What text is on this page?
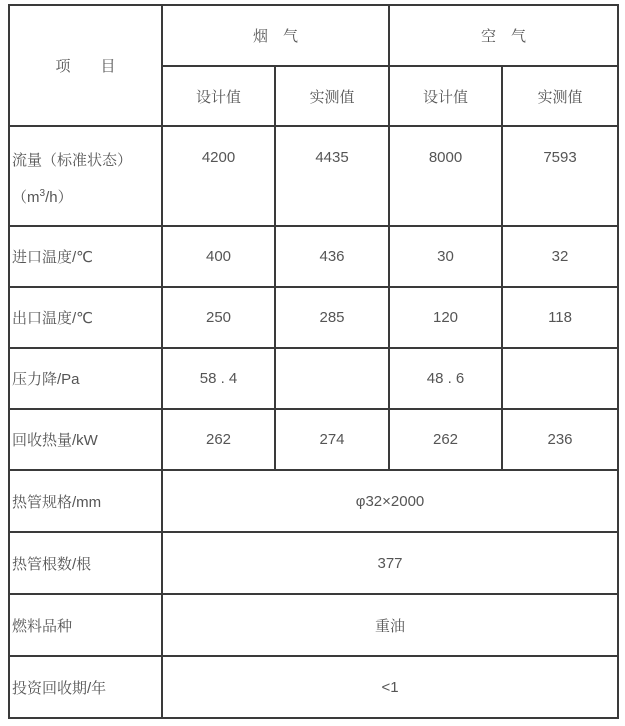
项　　目	烟　气		空　气	
	设计值	实测值	设计值	实测值

流量（标准状态）
$(m^3/h)$	4200	4435	8000	7593
进口温度/℃	400	436	30	32
出口温度/℃	250	285	120	118
压力降/Pa	58 . 4		48 . 6	
回收热量/kW	262	274	262	236
热管规格/mm	φ32×2000			
热管根数/根	377			
燃料品种	重油			
投资回收期/年	<1			
